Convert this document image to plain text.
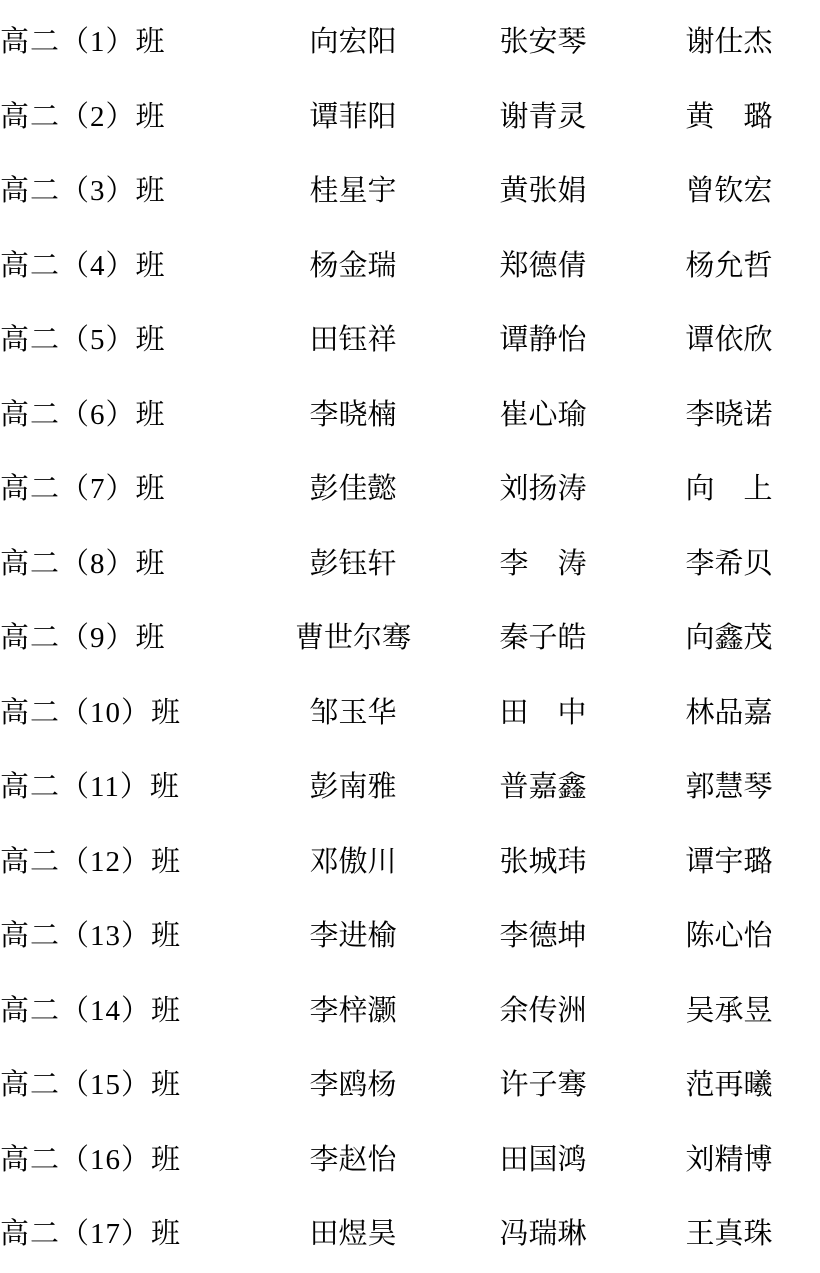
高二（1）班	向宏阳	张安琴	谢仕杰
高二（2）班	谭菲阳	谢青灵	黄　璐
高二（3）班	桂星宇	黄张娟	曾钦宏
高二（4）班	杨金瑞	郑德倩	杨允哲
高二（5）班	田钰祥	谭静怡	谭依欣
高二（6）班	李晓楠	崔心瑜	李晓诺
高二（7）班	彭佳懿	刘扬涛	向　上
高二（8）班	彭钰轩	李　涛	李希贝
高二（9）班	曹世尔骞	秦子皓	向鑫茂
高二（10）班	邹玉华	田　中	林品嘉
高二（11）班	彭南雅	普嘉鑫	郭慧琴
高二（12）班	邓傲川	张城玮	谭宇璐
高二（13）班	李进榆	李德坤	陈心怡
高二（14）班	李梓灏	余传洲	吴承昱
高二（15）班	李鸥杨	许子骞	范再曦
高二（16）班	李赵怡	田国鸿	刘精博
高二（17）班	田煜昊	冯瑞琳	王真珠
